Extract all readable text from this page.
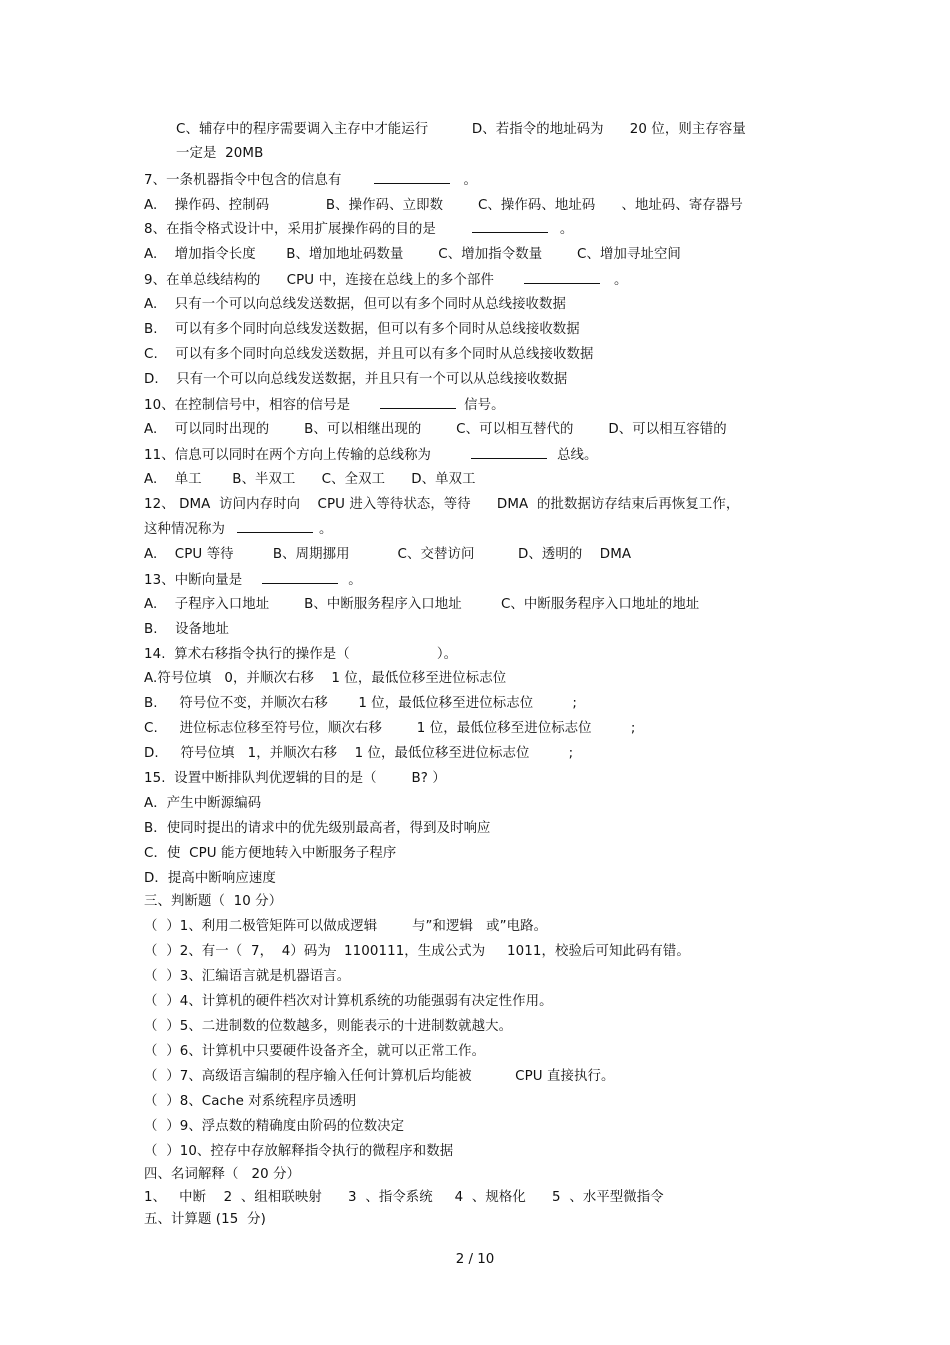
C、辅存中的程序需要调入主存中才能运行          D、若指令的地址码为      20 位，则主存容量
一定是  20MB
7、一条机器指令中包含的信息有	。
A.    操作码、控制码             B、操作码、立即数        C、操作码、地址码      、地址码、寄存器号
8、在指令格式设计中，采用扩展操作码的目的是	。
A.    增加指令长度       B、增加地址码数量        C、增加指令数量        C、增加寻址空间
9、在单总线结构的      CPU 中，连接在总线上的多个部件	。
A.    只有一个可以向总线发送数据，但可以有多个同时从总线接收数据
B.    可以有多个同时向总线发送数据，但可以有多个同时从总线接收数据
C.    可以有多个同时向总线发送数据，并且可以有多个同时从总线接收数据
D.    只有一个可以向总线发送数据，并且只有一个可以从总线接收数据
10、在控制信号中，相容的信号是	信号。
A.    可以同时出现的        B、可以相继出现的        C、可以相互替代的        D、可以相互容错的
11、信息可以同时在两个方向上传输的总线称为	总线。
A.    单工       B、半双工      C、全双工      D、单双工
12、 DMA  访问内存时向    CPU 进入等待状态，等待      DMA  的批数据访存结束后再恢复工作，
这种情况称为	。
A.    CPU 等待         B、周期挪用           C、交替访问          D、透明的    DMA
13、中断向量是	。
A.    子程序入口地址        B、中断服务程序入口地址         C、中断服务程序入口地址的地址
B.    设备地址
14.  算术右移指令执行的操作是（                    ）。
A.符号位填   0，并顺次右移    1 位，最低位移至进位标志位
B.     符号位不变，并顺次右移       1 位，最低位移至进位标志位         ;
C.     进位标志位移至符号位，顺次右移        1 位，最低位移至进位标志位         ;
D.     符号位填   1，并顺次右移    1 位，最低位移至进位标志位         ;
15.  设置中断排队判优逻辑的目的是（        B? ）
A．产生中断源编码
B．使同时提出的请求中的优先级别最高者，得到及时响应
C．使  CPU 能方便地转入中断服务子程序
D．提高中断响应速度
三、判断题（  10 分）
（  ）1、利用二极管矩阵可以做成逻辑        与”和逻辑   或”电路。
（  ）2、有一（  7，  4）码为   1100111，生成公式为     1011，校验后可知此码有错。
（  ）3、汇编语言就是机器语言。
（  ）4、计算机的硬件档次对计算机系统的功能强弱有决定性作用。
（  ）5、二进制数的位数越多，则能表示的十进制数就越大。
（  ）6、计算机中只要硬件设备齐全，就可以正常工作。
（  ）7、高级语言编制的程序输入任何计算机后均能被          CPU 直接执行。
（  ）8、Cache 对系统程序员透明
（  ）9、浮点数的精确度由阶码的位数决定
（  ）10、控存中存放解释指令执行的微程序和数据
四、名词解释（   20 分）
1、   中断    2  、组相联映射      3  、指令系统     4  、规格化      5  、水平型微指令
五、计算题 (15  分)
2 / 10
